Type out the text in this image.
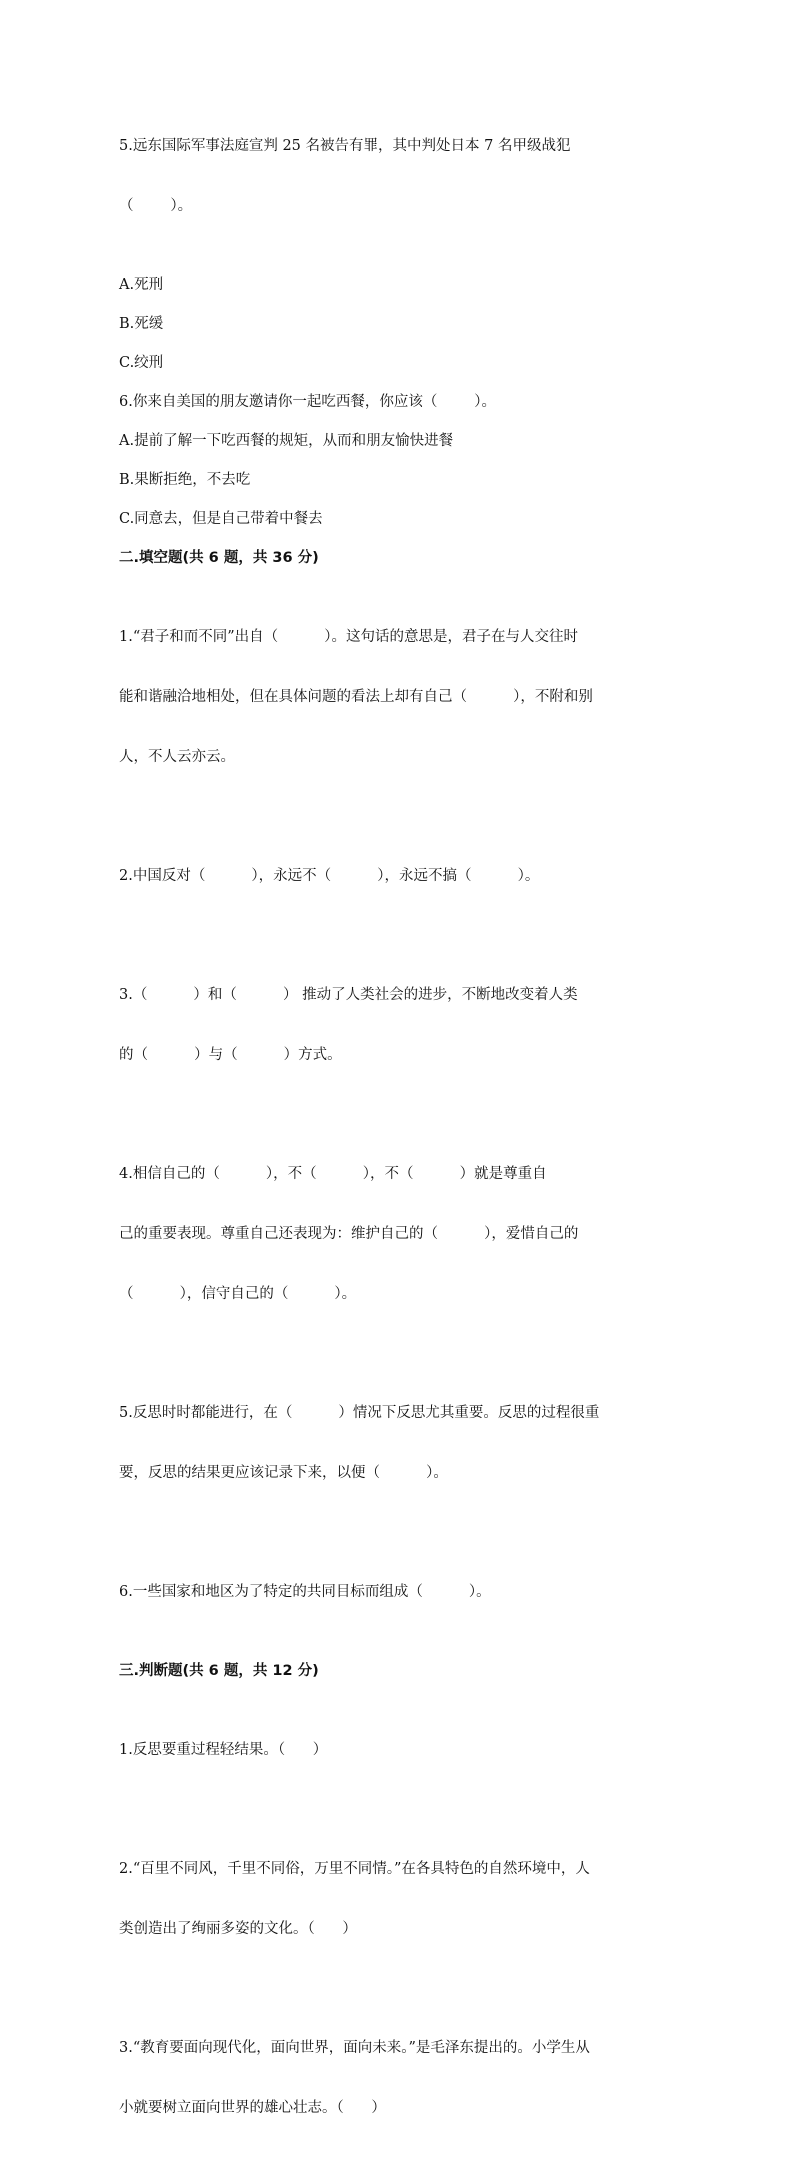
5.远东国际军事法庭宣判 25 名被告有罪，其中判处日本 7 名甲级战犯

（        ）。

A.死刑
B.死缓
C.绞刑
6.你来自美国的朋友邀请你一起吃西餐，你应该（        ）。
A.提前了解一下吃西餐的规矩，从而和朋友愉快进餐
B.果断拒绝，不去吃
C.同意去，但是自己带着中餐去
二.填空题(共 6 题，共 36 分)

1.“君子和而不同”出自（          ）。这句话的意思是，君子在与人交往时

能和谐融洽地相处，但在具体问题的看法上却有自己（          ），不附和别

人，不人云亦云。

2.中国反对（          ），永远不（          ），永远不搞（          ）。

3.（          ）和（          ） 推动了人类社会的进步，不断地改变着人类

的（          ）与（          ）方式。

4.相信自己的（          ），不（          ），不（          ）就是尊重自

己的重要表现。尊重自己还表现为：维护自己的（          ），爱惜自己的

（          ），信守自己的（          ）。

5.反思时时都能进行，在（          ）情况下反思尤其重要。反思的过程很重

要，反思的结果更应该记录下来，以便（          ）。

6.一些国家和地区为了特定的共同目标而组成（          ）。

三.判断题(共 6 题，共 12 分)

1.反思要重过程轻结果。（      ）

2.“百里不同风，千里不同俗，万里不同情。”在各具特色的自然环境中，人

类创造出了绚丽多姿的文化。（      ）

3.“教育要面向现代化，面向世界，面向未来。”是毛泽东提出的。小学生从

小就要树立面向世界的雄心壮志。（      ）
